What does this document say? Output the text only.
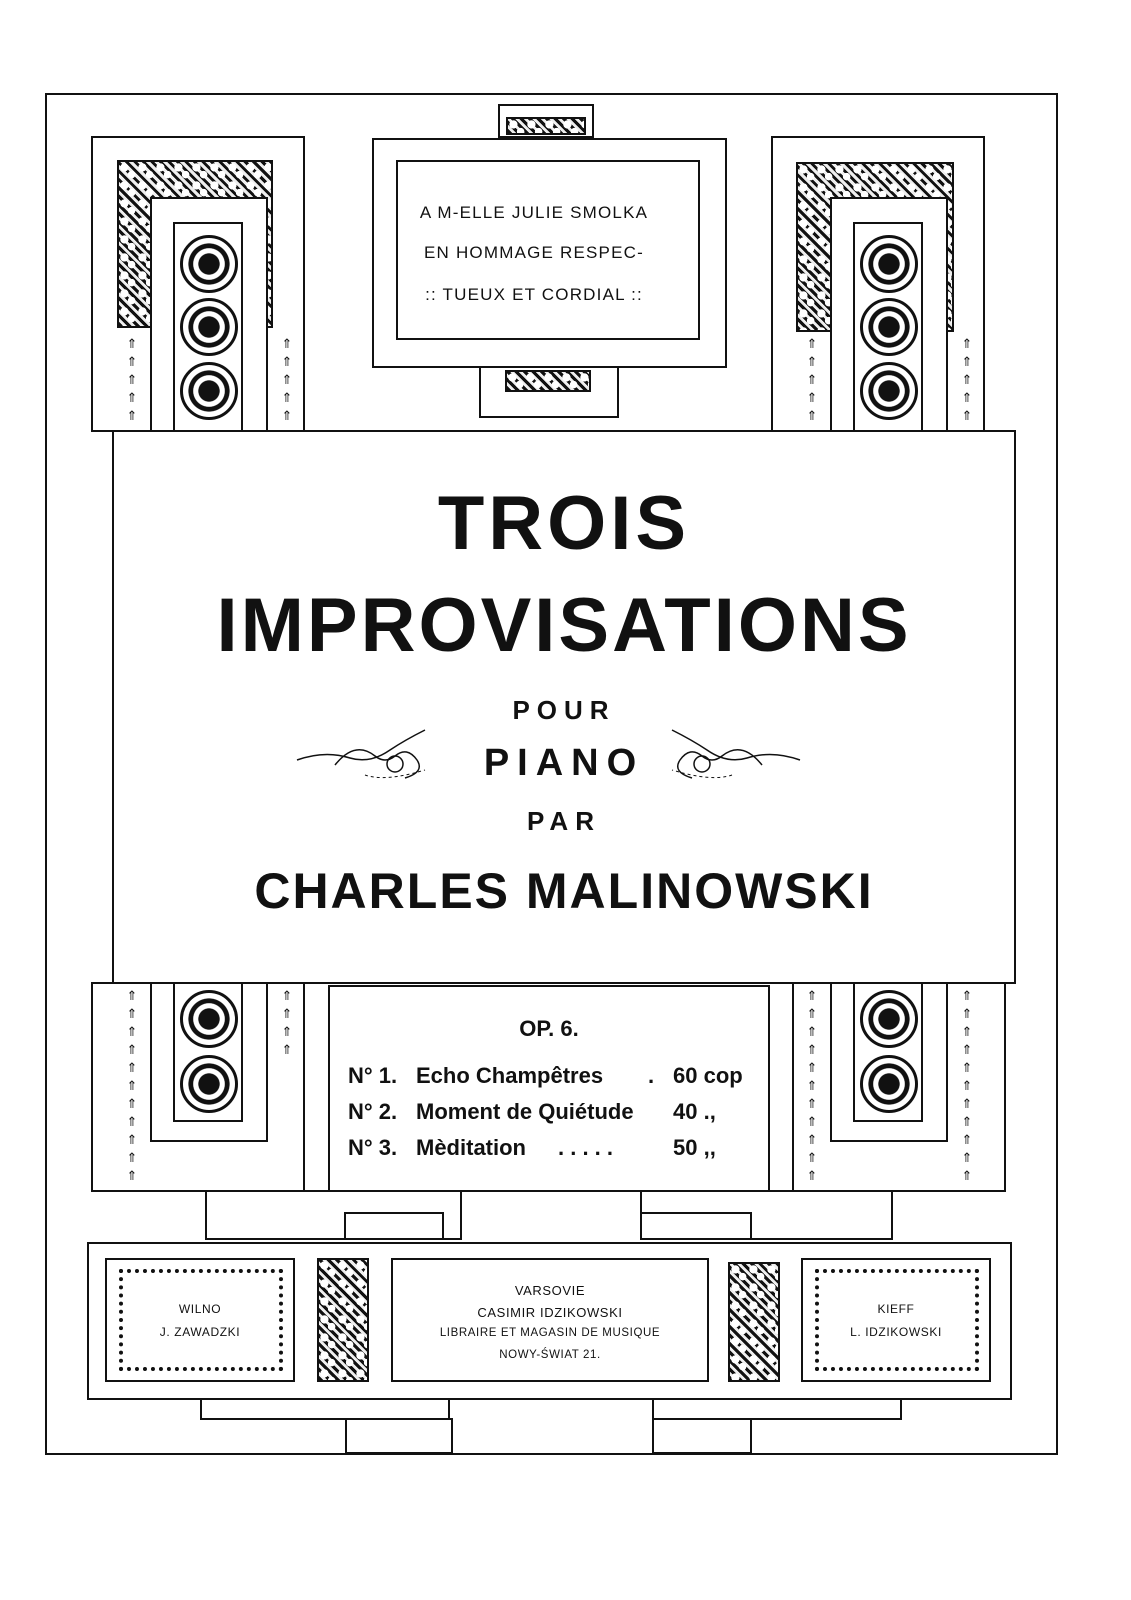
⇑
⇑
⇑
⇑
⇑
⇑
⇑
⇑
⇑
⇑
⇑
⇑
⇑
⇑
⇑
⇑
⇑
⇑
⇑
⇑
A M-ELLE JULIE SMOLKA
EN HOMMAGE RESPEC-
:: TUEUX ET CORDIAL ::
TROIS
IMPROVISATIONS
POUR
PIANO
PAR
CHARLES MALINOWSKI
⇑
⇑
⇑
⇑
⇑
⇑
⇑
⇑
⇑
⇑
⇑
⇑
⇑
⇑
⇑
⇑
⇑
⇑
⇑
⇑
⇑
⇑
⇑
⇑
⇑
⇑
⇑
⇑
⇑
⇑
⇑
⇑
⇑
⇑
⇑
⇑
⇑
OP. 6.
N° 1. Echo Champêtres . 60 cop
N° 2. Moment de Quiétude 40 .,
N° 3. Mèditation . . . . .	50 ,,
WILNO
J. ZAWADZKI
VARSOVIE
CASIMIR IDZIKOWSKI
LIBRAIRE ET MAGASIN DE MUSIQUE
NOWY-ŚWIAT 21.
KIEFF
L. IDZIKOWSKI
